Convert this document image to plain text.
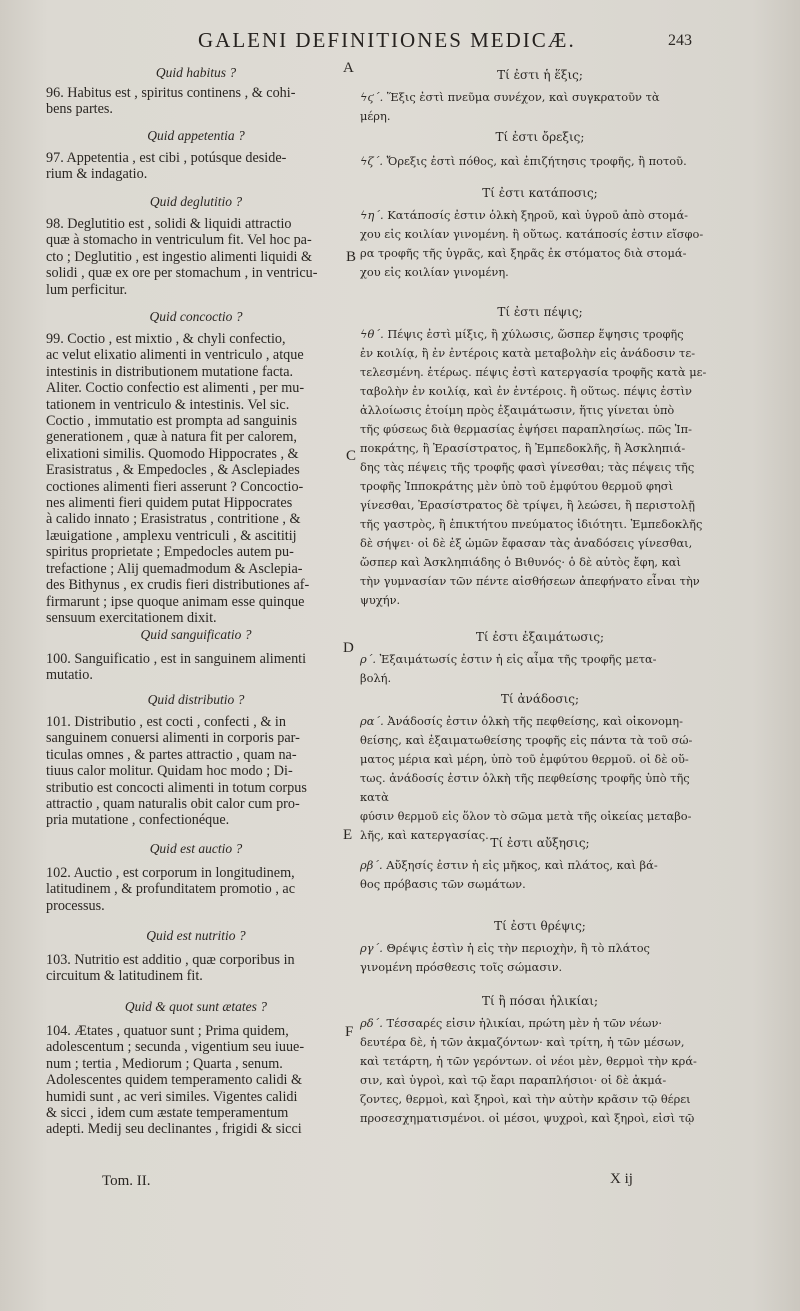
GALENI DEFINITIONES MEDICÆ.	243
A
B
C
D
E
F
Quid habitus ?
96. Habitus est , spiritus continens , & cohi-
bens partes.
Quid appetentia ?
97. Appetentia , est cibi , potúsque deside-
rium & indagatio.
Quid deglutitio ?
98. Deglutitio est , solidi & liquidi attractio
quæ à stomacho in ventriculum fit. Vel hoc pa-
cto ; Deglutitio , est ingestio alimenti liquidi &
solidi , quæ ex ore per stomachum , in ventricu-
lum perficitur.
Quid concoctio ?
99. Coctio , est mixtio , & chyli confectio,
ac velut elixatio alimenti in ventriculo , atque
intestinis in distributionem mutatione facta.
Aliter. Coctio confectio est alimenti , per mu-
tationem in ventriculo & intestinis. Vel sic.
Coctio , immutatio est prompta ad sanguinis
generationem , quæ à natura fit per calorem,
elixationi similis. Quomodo Hippocrates , &
Erasistratus , & Empedocles , & Asclepiades
coctiones alimenti fieri asserunt ? Concoctio-
nes alimenti fieri quidem putat Hippocrates
à calido innato ; Erasistratus , contritione , &
læuigatione , amplexu ventriculi , & ascititij
spiritus proprietate ; Empedocles autem pu-
trefactione ; Alij quemadmodum & Asclepia-
des Bithynus , ex crudis fieri distributiones af-
firmarunt ; ipse quoque animam esse quinque
sensuum exercitationem dixit.
Quid sanguificatio ?
100. Sanguificatio , est in sanguinem alimenti
mutatio.
Quid distributio ?
101. Distributio , est cocti , confecti , & in
sanguinem conuersi alimenti in corporis par-
ticulas omnes , & partes attractio , quam na-
tiuus calor molitur. Quidam hoc modo ; Di-
stributio est concocti alimenti in totum corpus
attractio , quam naturalis obit calor cum pro-
pria mutatione , confectionéque.
Quid est auctio ?
102. Auctio , est corporum in longitudinem,
latitudinem , & profunditatem promotio , ac
processus.
Quid est nutritio ?
103. Nutritio est additio , quæ corporibus in
circuitum & latitudinem fit.
Quid & quot sunt ætates ?
104. Ætates , quatuor sunt ; Prima quidem,
adolescentum ; secunda , vigentium seu iuue-
num ; tertia , Mediorum ; Quarta , senum.
Adolescentes quidem temperamento calidi &
humidi sunt , ac veri similes. Vigentes calidi
& sicci , idem cum æstate temperamentum
adepti. Medij seu declinantes , frigidi & sicci
Τί ἐστι ἡ ἕξις;
ϟϛ΄. Ἕξις ἐστὶ πνεῦμα συνέχον, καὶ συγκρατοῦν τὰ
μέρη.
Τί ἐστι ὄρεξις;
ϟζ΄. Ὄρεξις ἐστὶ πόθος, καὶ ἐπιζήτησις τροφῆς, ἢ ποτοῦ.
Τί ἐστι κατάποσις;
ϟη΄. Κατάποσίς ἐστιν ὁλκὴ ξηροῦ, καὶ ὑγροῦ ἀπὸ στομά-
χου εἰς κοιλίαν γινομένη. ἢ οὕτως. κατάποσίς ἐστιν εἴσφο-
ρα τροφῆς τῆς ὑγρᾶς, καὶ ξηρᾶς ἐκ στόματος διὰ στομά-
χου εἰς κοιλίαν γινομένη.
Τί ἐστι πέψις;
ϟθ΄. Πέψις ἐστὶ μίξις, ἢ χύλωσις, ὥσπερ ἕψησις τροφῆς
ἐν κοιλίᾳ, ἢ ἐν ἐντέροις κατὰ μεταβολὴν εἰς ἀνάδοσιν τε-
τελεσμένη. ἑτέρως. πέψις ἐστὶ κατεργασία τροφῆς κατὰ με-
ταβολὴν ἐν κοιλίᾳ, καὶ ἐν ἐντέροις. ἢ οὕτως. πέψις ἐστὶν
ἀλλοίωσις ἑτοίμη πρὸς ἐξαιμάτωσιν, ἥτις γίνεται ὑπὸ
τῆς φύσεως διὰ θερμασίας ἑψήσει παραπλησίως. πῶς Ἱπ-
ποκράτης, ἢ Ἐρασίστρατος, ἢ Ἐμπεδοκλῆς, ἢ Ἀσκληπιά-
δης τὰς πέψεις τῆς τροφῆς φασὶ γίνεσθαι; τὰς πέψεις τῆς
τροφῆς Ἱπποκράτης μὲν ὑπὸ τοῦ ἐμφύτου θερμοῦ φησὶ
γίνεσθαι, Ἐρασίστρατος δὲ τρίψει, ἢ λεώσει, ἢ περιστολῇ
τῆς γαστρὸς, ἢ ἐπικτήτου πνεύματος ἰδιότητι. Ἐμπεδοκλῆς
δὲ σήψει· οἱ δὲ ἐξ ὠμῶν ἔφασαν τὰς ἀναδόσεις γίνεσθαι,
ὥσπερ καὶ Ἀσκληπιάδης ὁ Βιθυνός· ὁ δὲ αὐτὸς ἔφη, καὶ
τὴν γυμνασίαν τῶν πέντε αἰσθήσεων ἀπεφήνατο εἶναι τὴν
ψυχήν.
Τί ἐστι ἐξαιμάτωσις;
ρ΄. Ἐξαιμάτωσίς ἐστιν ἡ εἰς αἷμα τῆς τροφῆς μετα-
βολή.
Τί ἀνάδοσις;
ρα΄. Ἀνάδοσίς ἐστιν ὁλκὴ τῆς πεφθείσης, καὶ οἰκονομη-
θείσης, καὶ ἐξαιματωθείσης τροφῆς εἰς πάντα τὰ τοῦ σώ-
ματος μέρια καὶ μέρη, ὑπὸ τοῦ ἐμφύτου θερμοῦ. οἱ δὲ οὕ-
τως. ἀνάδοσίς ἐστιν ὁλκὴ τῆς πεφθείσης τροφῆς ὑπὸ τῆς κατὰ
φύσιν θερμοῦ εἰς ὅλον τὸ σῶμα μετὰ τῆς οἰκείας μεταβο-
λῆς, καὶ κατεργασίας.
Τί ἐστι αὔξησις;
ρβ΄. Αὔξησίς ἐστιν ἡ εἰς μῆκος, καὶ πλάτος, καὶ βά-
θος πρόβασις τῶν σωμάτων.
Τί ἐστι θρέψις;
ργ΄. Θρέψις ἐστὶν ἡ εἰς τὴν περιοχὴν, ἢ τὸ πλάτος
γινομένη πρόσθεσις τοῖς σώμασιν.
Τί ἢ πόσαι ἡλικίαι;
ρδ΄. Τέσσαρές εἰσιν ἡλικίαι, πρώτη μὲν ἡ τῶν νέων·
δευτέρα δὲ, ἡ τῶν ἀκμαζόντων· καὶ τρίτη, ἡ τῶν μέσων,
καὶ τετάρτη, ἡ τῶν γερόντων. οἱ νέοι μὲν, θερμοὶ τὴν κρά-
σιν, καὶ ὑγροὶ, καὶ τῷ ἔαρι παραπλήσιοι· οἱ δὲ ἀκμά-
ζοντες, θερμοὶ, καὶ ξηροὶ, καὶ τὴν αὐτὴν κρᾶσιν τῷ θέρει
προσεσχηματισμένοι. οἱ μέσοι, ψυχροὶ, καὶ ξηροὶ, εἰσὶ τῷ
Tom. II.	X ij
